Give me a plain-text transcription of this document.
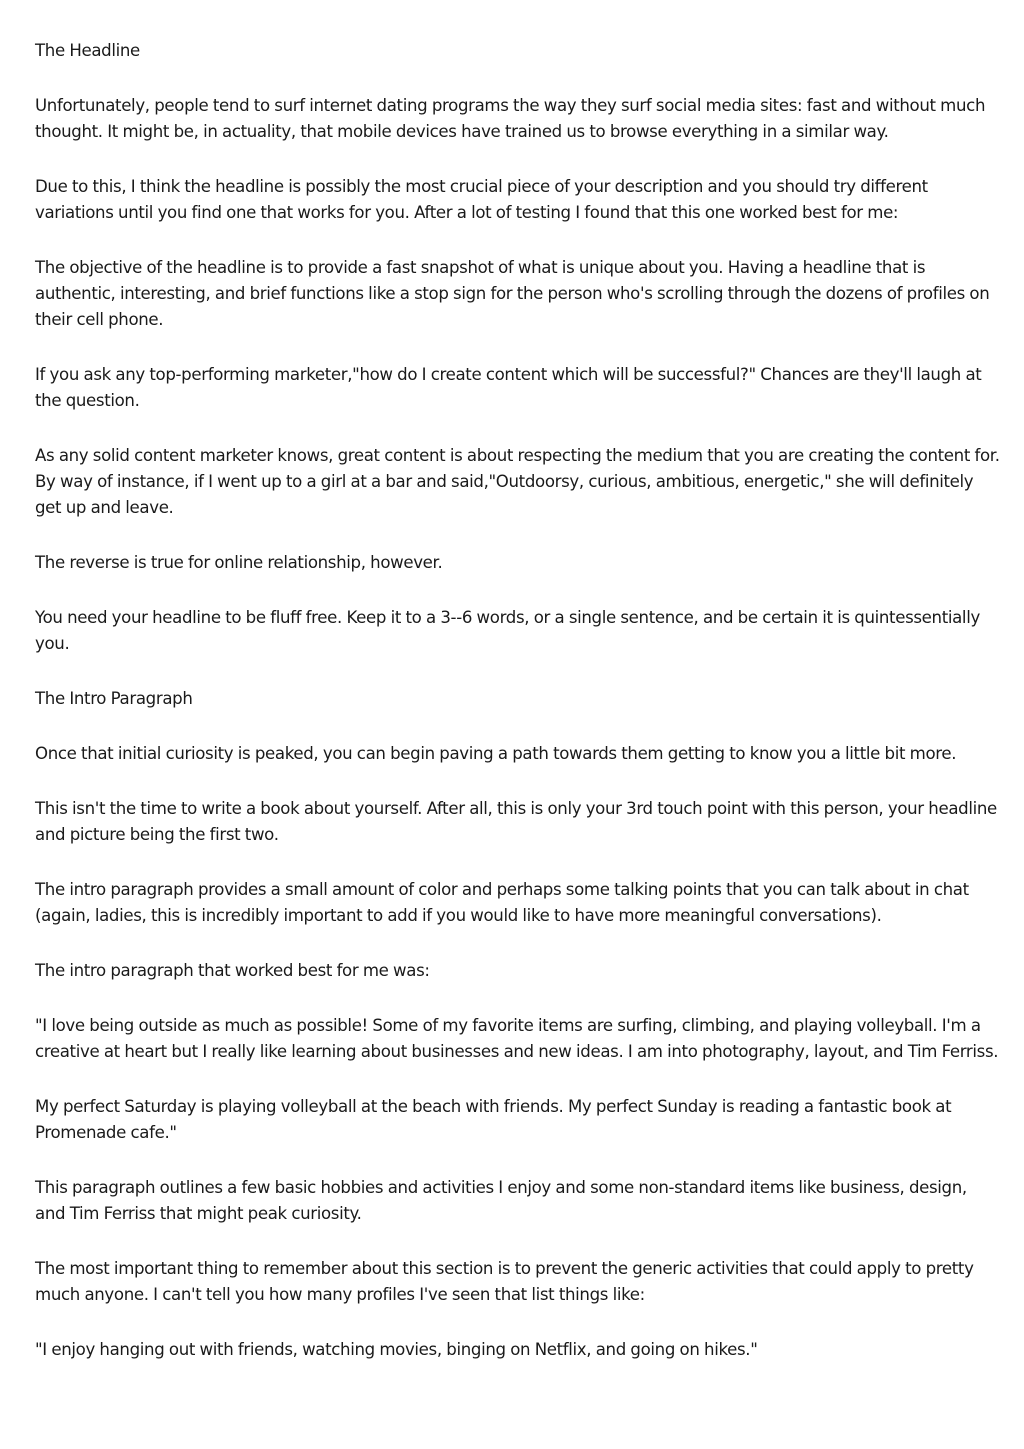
The Headline

Unfortunately, people tend to surf internet dating programs the way they surf social media sites: fast and without much thought. It might be, in actuality, that mobile devices have trained us to browse everything in a similar way.

Due to this, I think the headline is possibly the most crucial piece of your description and you should try different variations until you find one that works for you. After a lot of testing I found that this one worked best for me:

The objective of the headline is to provide a fast snapshot of what is unique about you. Having a headline that is authentic, interesting, and brief functions like a stop sign for the person who's scrolling through the dozens of profiles on their cell phone.

If you ask any top-performing marketer,"how do I create content which will be successful?" Chances are they'll laugh at the question.

As any solid content marketer knows, great content is about respecting the medium that you are creating the content for. By way of instance, if I went up to a girl at a bar and said,"Outdoorsy, curious, ambitious, energetic," she will definitely get up and leave.

The reverse is true for online relationship, however.

You need your headline to be fluff free. Keep it to a 3--6 words, or a single sentence, and be certain it is quintessentially you.

The Intro Paragraph

Once that initial curiosity is peaked, you can begin paving a path towards them getting to know you a little bit more.

This isn't the time to write a book about yourself. After all, this is only your 3rd touch point with this person, your headline and picture being the first two.

The intro paragraph provides a small amount of color and perhaps some talking points that you can talk about in chat (again, ladies, this is incredibly important to add if you would like to have more meaningful conversations).

The intro paragraph that worked best for me was:

"I love being outside as much as possible! Some of my favorite items are surfing, climbing, and playing volleyball. I'm a creative at heart but I really like learning about businesses and new ideas. I am into photography, layout, and Tim Ferriss.

My perfect Saturday is playing volleyball at the beach with friends. My perfect Sunday is reading a fantastic book at Promenade cafe."

This paragraph outlines a few basic hobbies and activities I enjoy and some non-standard items like business, design, and Tim Ferriss that might peak curiosity.

The most important thing to remember about this section is to prevent the generic activities that could apply to pretty much anyone. I can't tell you how many profiles I've seen that list things like:

"I enjoy hanging out with friends, watching movies, binging on Netflix, and going on hikes."
